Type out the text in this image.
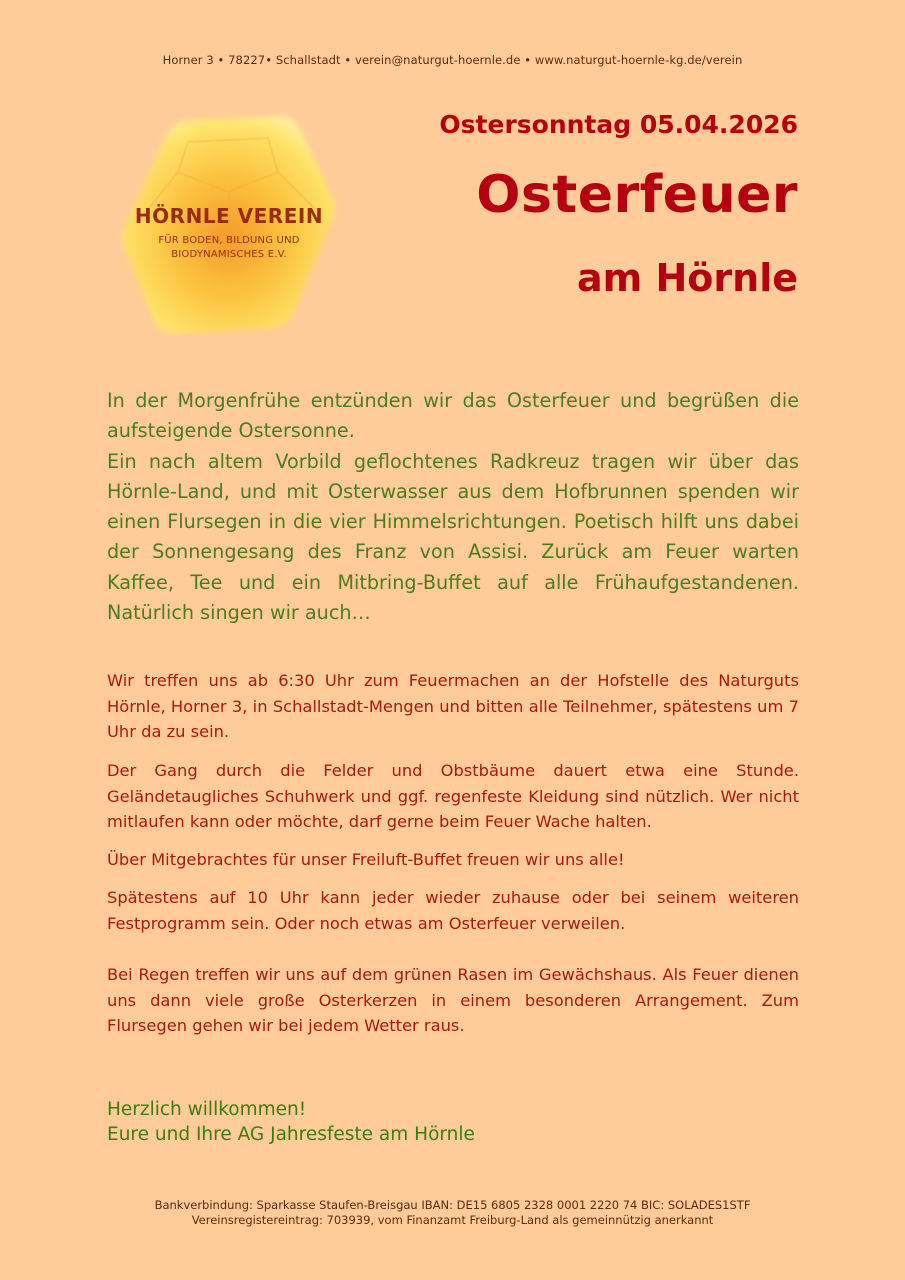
Horner 3 • 78227• Schallstadt • verein@naturgut-hoernle.de • www.naturgut-hoernle-kg.de/verein
HÖRNLE VEREIN
FÜR BODEN, BILDUNG UND
BIODYNAMISCHES E.V.
Ostersonntag 05.04.2026
Osterfeuer
am Hörnle

In der Morgenfrühe entzünden wir das Osterfeuer und begrüßen die aufsteigende Ostersonne.

Ein nach altem Vorbild geflochtenes Radkreuz tragen wir über das Hörnle-Land, und mit Osterwasser aus dem Hofbrunnen spenden wir einen Flursegen in die vier Himmelsrichtungen. Poetisch hilft uns dabei der Sonnengesang des Franz von Assisi. Zurück am Feuer warten Kaffee, Tee und ein Mitbring-Buffet auf alle Frühaufgestandenen. Natürlich singen wir auch…

Wir treffen uns ab 6:30 Uhr zum Feuermachen an der Hofstelle des Naturguts Hörnle, Horner 3, in Schallstadt-Mengen und bitten alle Teilnehmer, spätestens um 7 Uhr da zu sein.

Der Gang durch die Felder und Obstbäume dauert etwa eine Stunde. Geländetaugliches Schuhwerk und ggf. regenfeste Kleidung sind nützlich. Wer nicht mitlaufen kann oder möchte, darf gerne beim Feuer Wache halten.

Über Mitgebrachtes für unser Freiluft-Buffet freuen wir uns alle!

Spätestens auf 10 Uhr kann jeder wieder zuhause oder bei seinem weiteren Festprogramm sein. Oder noch etwas am Osterfeuer verweilen.

Bei Regen treffen wir uns auf dem grünen Rasen im Gewächshaus. Als Feuer dienen uns dann viele große Osterkerzen in einem besonderen Arrangement. Zum Flursegen gehen wir bei jedem Wetter raus.

Herzlich willkommen!
Eure und Ihre AG Jahresfeste am Hörnle
Bankverbindung: Sparkasse Staufen-Breisgau IBAN: DE15 6805 2328 0001 2220 74 BIC: SOLADES1STF
Vereinsregistereintrag: 703939, vom Finanzamt Freiburg-Land als gemeinnützig anerkannt
